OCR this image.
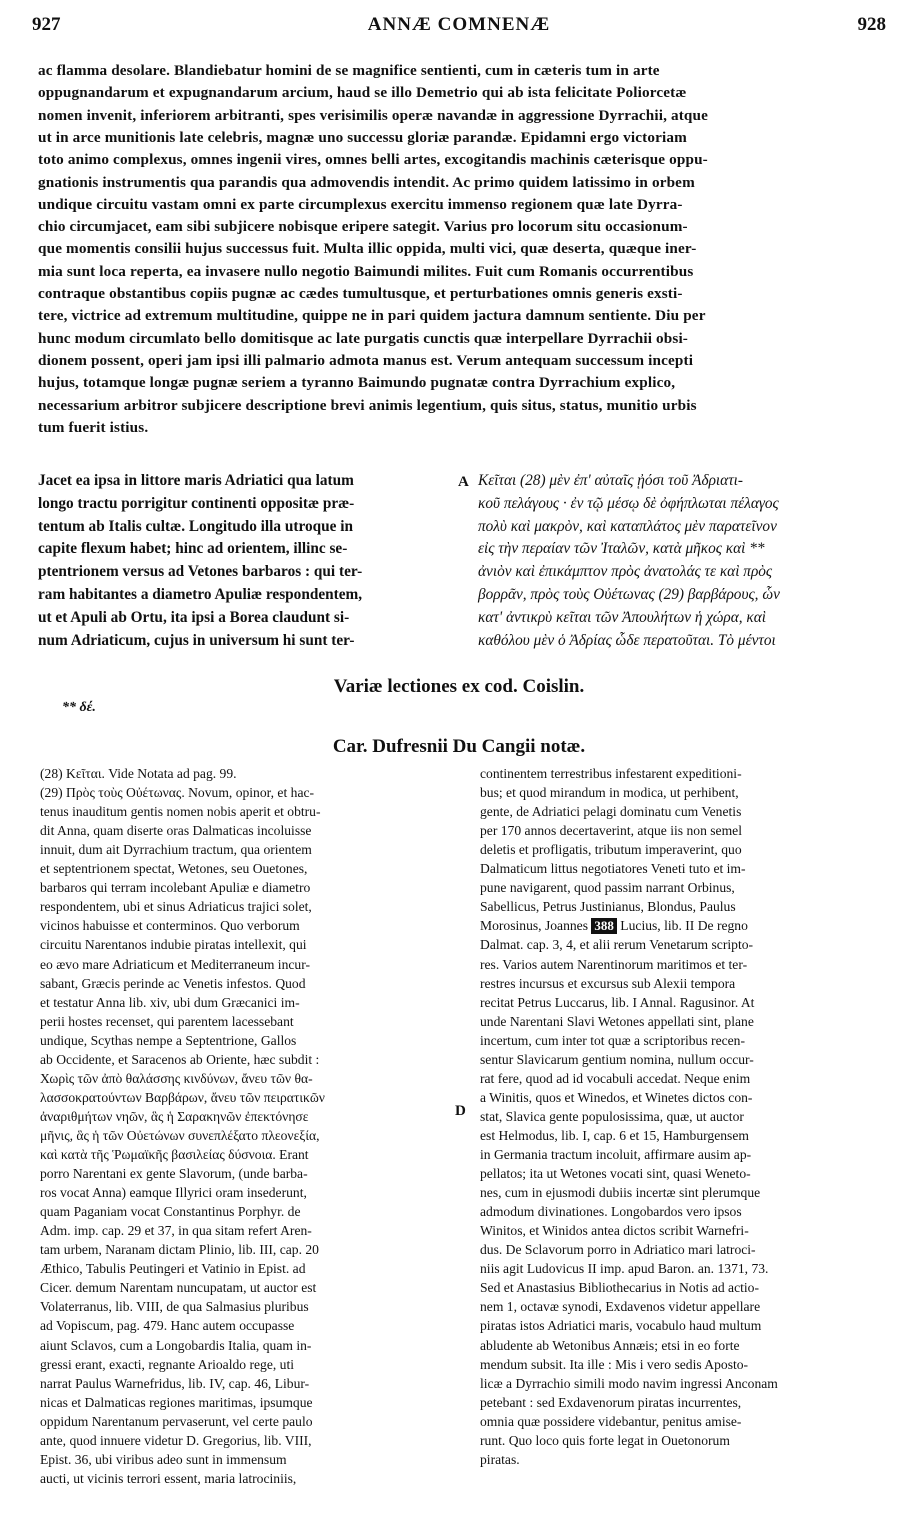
927	ANNÆ COMNENÆ	928
ac flamma desolare. Blandiebatur homini de se magnifice sentienti, cum in cæteris tum in arte
oppugnandarum et expugnandarum arcium, haud se illo Demetrio qui ab ista felicitate Poliorcetæ
nomen invenit, inferiorem arbitranti, spes verisimilis operæ navandæ in aggressione Dyrrachii, atque
ut in arce munitionis late celebris, magnæ uno successu gloriæ parandæ. Epidamni ergo victoriam
toto animo complexus, omnes ingenii vires, omnes belli artes, excogitandis machinis cæterisque oppu-
gnationis instrumentis qua parandis qua admovendis intendit. Ac primo quidem latissimo in orbem
undique circuitu vastam omni ex parte circumplexus exercitu immenso regionem quæ late Dyrra-
chio circumjacet, eam sibi subjicere nobisque eripere sategit. Varius pro locorum situ occasionum-
que momentis consilii hujus successus fuit. Multa illic oppida, multi vici, quæ deserta, quæque iner-
mia sunt loca reperta, ea invasere nullo negotio Baimundi milites. Fuit cum Romanis occurrentibus
contraque obstantibus copiis pugnæ ac cædes tumultusque, et perturbationes omnis generis exsti-
tere, victrice ad extremum multitudine, quippe ne in pari quidem jactura damnum sentiente. Diu per
hunc modum circumlato bello domitisque ac late purgatis cunctis quæ interpellare Dyrrachii obsi-
dionem possent, operi jam ipsi illi palmario admota manus est. Verum antequam successum incepti
hujus, totamque longæ pugnæ seriem a tyranno Baimundo pugnatæ contra Dyrrachium explico,
necessarium arbitror subjicere descriptione brevi animis legentium, quis situs, status, munitio urbis
tum fuerit istius.
Jacet ea ipsa in littore maris Adriatici qua latum
longo tractu porrigitur continenti oppositæ præ-
tentum ab Italis cultæ. Longitudo illa utroque in
capite flexum habet; hinc ad orientem, illinc se-
ptentrionem versus ad Vetones barbaros : qui ter-
ram habitantes a diametro Apuliæ respondentem,
ut et Apuli ab Ortu, ita ipsi a Borea claudunt si-
num Adriaticum, cujus in universum hi sunt ter-
Κεῖται (28) μὲν ἐπ' αὐταῖς ᾐόσι τοῦ Ἀδριατι-
κοῦ πελάγους · ἐν τῷ μέσῳ δὲ ὀφήπλωται πέλαγος
πολὺ καὶ μακρὸν, καὶ καταπλάτος μὲν παρατεῖνον
εἰς τὴν περαίαν τῶν Ἰταλῶν, κατὰ μῆκος καὶ **
ἀνιὸν καὶ ἐπικάμπτον πρὸς ἀνατολάς τε καὶ πρὸς
βορρᾶν, πρὸς τοὺς Οὐέτωνας (29) βαρβάρους, ὧν
κατ' ἀντικρὺ κεῖται τῶν Ἀπουλήτων ἡ χώρα, καὶ
καθόλου μὲν ὁ Ἀδρίας ὧδε περατοῦται. Τὸ μέντοι
A
D
Variæ lectiones ex cod. Coislin.
** δέ.
Car. Dufresnii Du Cangii notæ.
(28) Κεῖται. Vide Notata ad pag. 99.
(29) Πρὸς τοὺς Οὐέτωνας. Novum, opinor, et hac-
tenus inauditum gentis nomen nobis aperit et obtru-
dit Anna, quam diserte oras Dalmaticas incoluisse
innuit, dum ait Dyrrachium tractum, qua orientem
et septentrionem spectat, Wetones, seu Ouetones,
barbaros qui terram incolebant Apuliæ e diametro
respondentem, ubi et sinus Adriaticus trajici solet,
vicinos habuisse et conterminos. Quo verborum
circuitu Narentanos indubie piratas intellexit, qui
eo ævo mare Adriaticum et Mediterraneum incur-
sabant, Græcis perinde ac Venetis infestos. Quod
et testatur Anna lib. xiv, ubi dum Græcanici im-
perii hostes recenset, qui parentem lacessebant
undique, Scythas nempe a Septentrione, Gallos
ab Occidente, et Saracenos ab Oriente, hæc subdit :
Χωρὶς τῶν ἀπὸ θαλάσσης κινδύνων, ἄνευ τῶν θα-
λασσοκρατούντων Βαρβάρων, ἄνευ τῶν πειρατικῶν
ἀναριθμήτων νηῶν, ἃς ἡ Σαρακηνῶν ἐπεκτόνησε
μῆνις, ἃς ἡ τῶν Οὐετώνων συνεπλέξατο πλεονεξία,
καὶ κατὰ τῆς Ῥωμαϊκῆς βασιλείας δύσνοια. Erant
porro Narentani ex gente Slavorum, (unde barba-
ros vocat Anna) eamque Illyrici oram insederunt,
quam Paganiam vocat Constantinus Porphyr. de
Adm. imp. cap. 29 et 37, in qua sitam refert Aren-
tam urbem, Naranam dictam Plinio, lib. III, cap. 20
Æthico, Tabulis Peutingeri et Vatinio in Epist. ad
Cicer. demum Narentam nuncupatam, ut auctor est
Volaterranus, lib. VIII, de qua Salmasius pluribus
ad Vopiscum, pag. 479. Hanc autem occupasse
aiunt Sclavos, cum a Longobardis Italia, quam in-
gressi erant, exacti, regnante Arioaldo rege, uti
narrat Paulus Warnefridus, lib. IV, cap. 46, Libur-
nicas et Dalmaticas regiones maritimas, ipsumque
oppidum Narentanum pervaserunt, vel certe paulo
ante, quod innuere videtur D. Gregorius, lib. VIII,
Epist. 36, ubi viribus adeo sunt in immensum
aucti, ut vicinis terrori essent, maria latrociniis,
continentem terrestribus infestarent expeditioni-
bus; et quod mirandum in modica, ut perhibent,
gente, de Adriatici pelagi dominatu cum Venetis
per 170 annos decertaverint, atque iis non semel
deletis et profligatis, tributum imperaverint, quo
Dalmaticum littus negotiatores Veneti tuto et im-
pune navigarent, quod passim narrant Orbinus,
Sabellicus, Petrus Justinianus, Blondus, Paulus
Morosinus, Joannes 388 Lucius, lib. II De regno
Dalmat. cap. 3, 4, et alii rerum Venetarum scripto-
res. Varios autem Narentinorum maritimos et ter-
restres incursus et excursus sub Alexii tempora
recitat Petrus Luccarus, lib. I Annal. Ragusinor. At
unde Narentani Slavi Wetones appellati sint, plane
incertum, cum inter tot quæ a scriptoribus recen-
sentur Slavicarum gentium nomina, nullum occur-
rat fere, quod ad id vocabuli accedat. Neque enim
a Winitis, quos et Winedos, et Winetes dictos con-
stat, Slavica gente populosissima, quæ, ut auctor
est Helmodus, lib. I, cap. 6 et 15, Hamburgensem
in Germania tractum incoluit, affirmare ausim ap-
pellatos; ita ut Wetones vocati sint, quasi Weneto-
nes, cum in ejusmodi dubiis incertæ sint plerumque
admodum divinationes. Longobardos vero ipsos
Winitos, et Winidos antea dictos scribit Warnefri-
dus. De Sclavorum porro in Adriatico mari latroci-
niis agit Ludovicus II imp. apud Baron. an. 1371, 73.
Sed et Anastasius Bibliothecarius in Notis ad actio-
nem 1, octavæ synodi, Exdavenos videtur appellare
piratas istos Adriatici maris, vocabulo haud multum
abludente ab Wetonibus Annæis; etsi in eo forte
mendum subsit. Ita ille : Mis i vero sedis Aposto-
licæ a Dyrrachio simili modo navim ingressi Anconam
petebant : sed Exdavenorum piratas incurrentes,
omnia quæ possidere videbantur, penitus amise-
runt. Quo loco quis forte legat in Ouetonorum
piratas.
